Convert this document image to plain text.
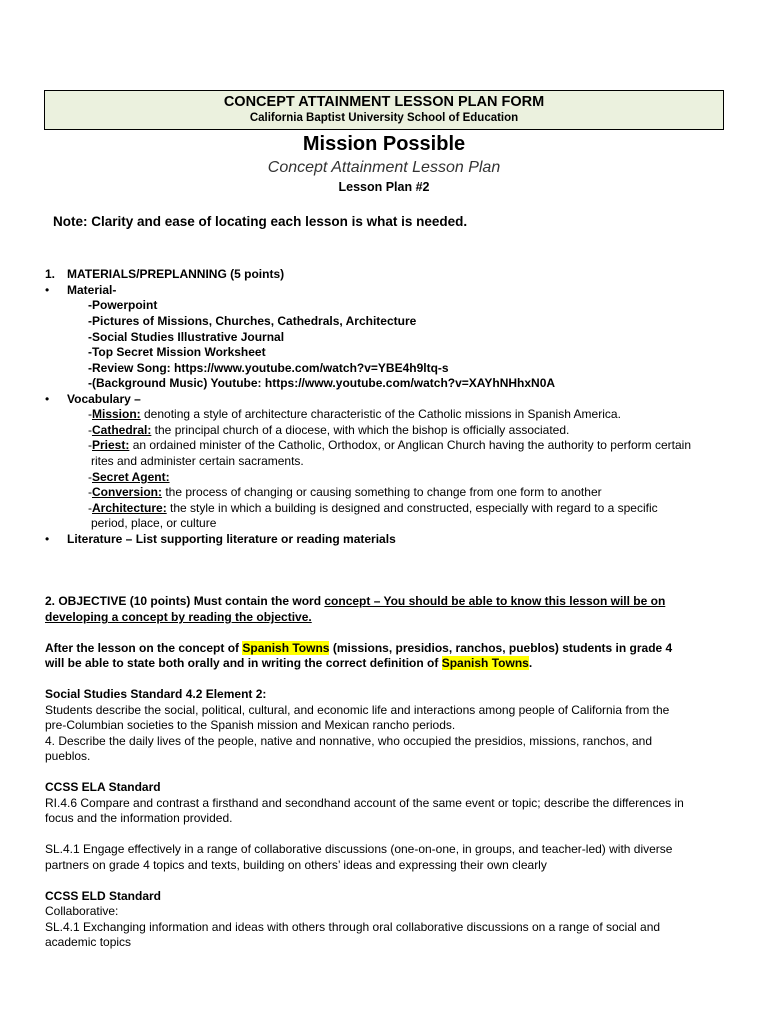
CONCEPT ATTAINMENT LESSON PLAN FORM
California Baptist University School of Education
Mission Possible
Concept Attainment Lesson Plan
Lesson Plan #2
Note: Clarity and ease of locating each lesson is what is needed.
1. MATERIALS/PREPLANNING (5 points)
• Material-
-Powerpoint
-Pictures of Missions, Churches, Cathedrals, Architecture
-Social Studies Illustrative Journal
-Top Secret Mission Worksheet
-Review Song: https://www.youtube.com/watch?v=YBE4h9ltq-s
-(Background Music) Youtube: https://www.youtube.com/watch?v=XAYhNHhxN0A
• Vocabulary –
-Mission: denoting a style of architecture characteristic of the Catholic missions in Spanish America.
-Cathedral: the principal church of a diocese, with which the bishop is officially associated.
-Priest: an ordained minister of the Catholic, Orthodox, or Anglican Church having the authority to perform certain
rites and administer certain sacraments.
-Secret Agent:
-Conversion: the process of changing or causing something to change from one form to another
-Architecture: the style in which a building is designed and constructed, especially with regard to a specific
period, place, or culture
• Literature – List supporting literature or reading materials
2. OBJECTIVE (10 points) Must contain the word concept – You should be able to know this lesson will be on
developing a concept by reading the objective.
After the lesson on the concept of Spanish Towns (missions, presidios, ranchos, pueblos) students in grade 4
will be able to state both orally and in writing the correct definition of Spanish Towns.
Social Studies Standard 4.2 Element 2:
Students describe the social, political, cultural, and economic life and interactions among people of California from the
pre-Columbian societies to the Spanish mission and Mexican rancho periods.
4. Describe the daily lives of the people, native and nonnative, who occupied the presidios, missions, ranchos, and
pueblos.
CCSS ELA Standard
RI.4.6 Compare and contrast a firsthand and secondhand account of the same event or topic; describe the differences in
focus and the information provided.
SL.4.1 Engage effectively in a range of collaborative discussions (one-on-one, in groups, and teacher-led) with diverse
partners on grade 4 topics and texts, building on others’ ideas and expressing their own clearly
CCSS ELD Standard
Collaborative:
SL.4.1 Exchanging information and ideas with others through oral collaborative discussions on a range of social and
academic topics
